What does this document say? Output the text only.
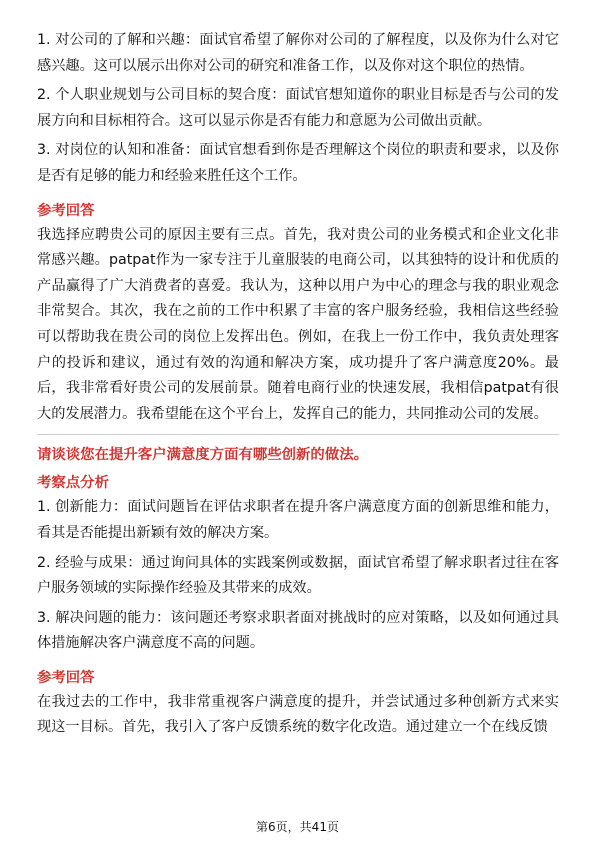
1. 对公司的了解和兴趣：面试官希望了解你对公司的了解程度，以及你为什么对它感兴趣。这可以展示出你对公司的研究和准备工作，以及你对这个职位的热情。

2. 个人职业规划与公司目标的契合度：面试官想知道你的职业目标是否与公司的发展方向和目标相符合。这可以显示你是否有能力和意愿为公司做出贡献。

3. 对岗位的认知和准备：面试官想看到你是否理解这个岗位的职责和要求，以及你是否有足够的能力和经验来胜任这个工作。

参考回答

我选择应聘贵公司的原因主要有三点。首先，我对贵公司的业务模式和企业文化非常感兴趣。patpat作为一家专注于儿童服装的电商公司，以其独特的设计和优质的产品赢得了广大消费者的喜爱。我认为，这种以用户为中心的理念与我的职业观念非常契合。其次，我在之前的工作中积累了丰富的客户服务经验，我相信这些经验可以帮助我在贵公司的岗位上发挥出色。例如，在我上一份工作中，我负责处理客户的投诉和建议，通过有效的沟通和解决方案，成功提升了客户满意度20%。最后，我非常看好贵公司的发展前景。随着电商行业的快速发展，我相信patpat有很大的发展潜力。我希望能在这个平台上，发挥自己的能力，共同推动公司的发展。

请谈谈您在提升客户满意度方面有哪些创新的做法。

考察点分析

1. 创新能力：面试问题旨在评估求职者在提升客户满意度方面的创新思维和能力，看其是否能提出新颖有效的解决方案。

2. 经验与成果：通过询问具体的实践案例或数据，面试官希望了解求职者过往在客户服务领域的实际操作经验及其带来的成效。

3. 解决问题的能力：该问题还考察求职者面对挑战时的应对策略，以及如何通过具体措施解决客户满意度不高的问题。

参考回答

在我过去的工作中，我非常重视客户满意度的提升，并尝试通过多种创新方式来实现这一目标。首先，我引入了客户反馈系统的数字化改造。通过建立一个在线反馈

第6页，共41页
